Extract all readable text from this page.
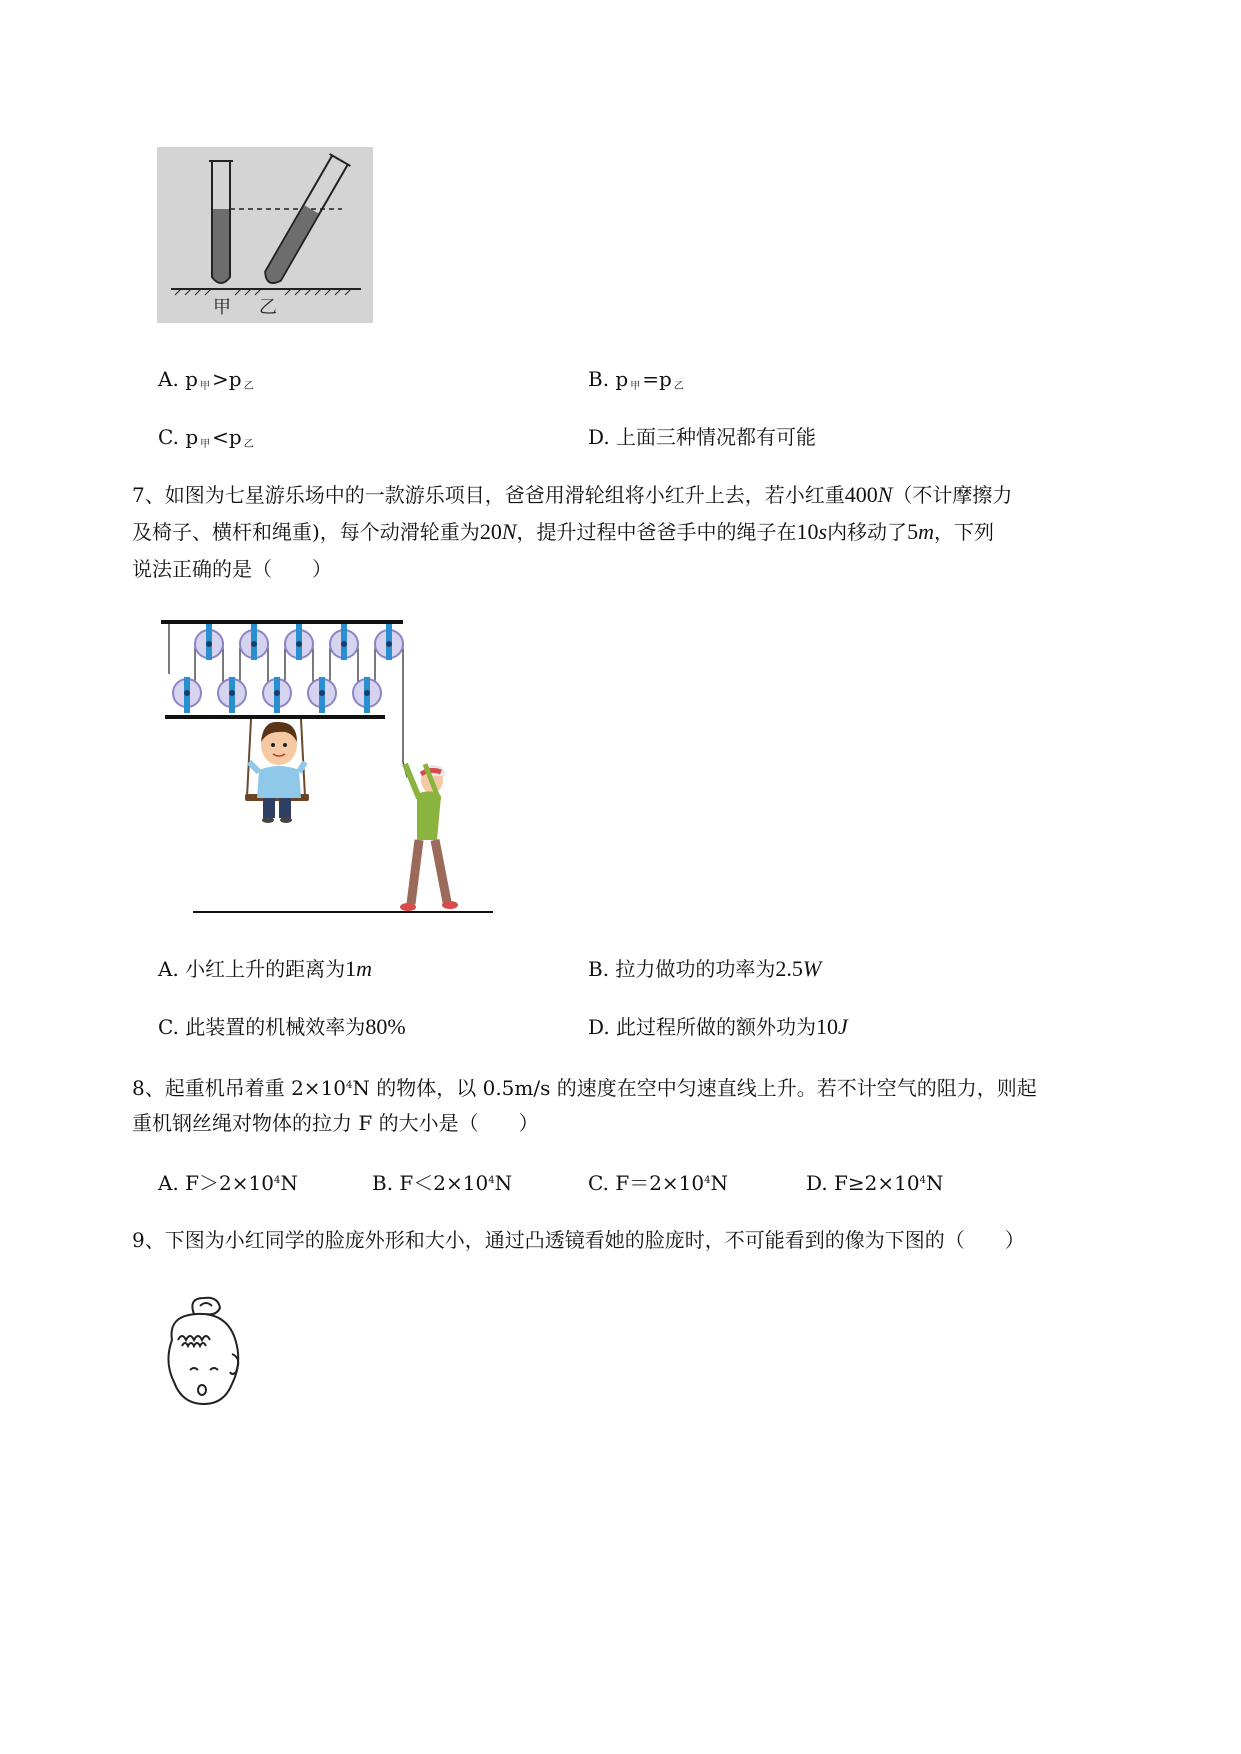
甲 乙
A. p $_甲$ >p $_乙$	B. p $_甲$ =p $_乙$
C. p $_甲$ <p $_乙$	D. 上面三种情况都有可能
7、如图为七星游乐场中的一款游乐项目，爸爸用滑轮组将小红升上去，若小红重400N（不计摩擦力
及椅子、横杆和绳重)，每个动滑轮重为20N，提升过程中爸爸手中的绳子在10s内移动了5m，下列
说法正确的是（　　）
A. 小红上升的距离为1m	B. 拉力做功的功率为2.5W
C. 此装置的机械效率为80%	D. 此过程所做的额外功为10J
8、起重机吊着重 $2\times 10^4N$ 的物体，以 0.5m/s 的速度在空中匀速直线上升。若不计空气的阻力，则起
重机钢丝绳对物体的拉力 F 的大小是（　　）
A. $F>2\times 10^4N$	B. $F<2\times 10^4N$	C. $F=2\times 10^4N$	D. $F\ge 2\times 10^4N$
9、下图为小红同学的脸庞外形和大小，通过凸透镜看她的脸庞时，不可能看到的像为下图的（　　）
